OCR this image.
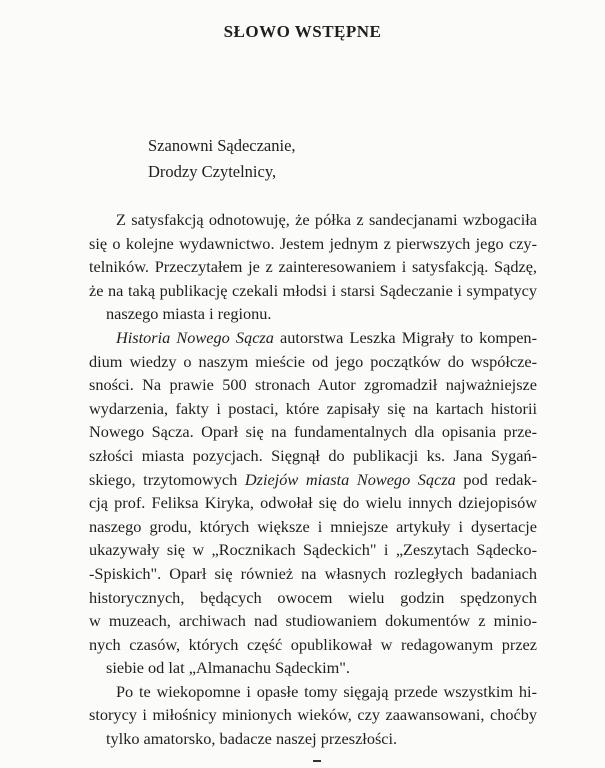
SŁOWO WSTĘPNE
Szanowni Sądeczanie,
Drodzy Czytelnicy,

Z satysfakcją odnotowuję, że półka z sandecjanami wzbogaciła
się o kolejne wydawnictwo. Jestem jednym z pierwszych jego czy-
telników. Przeczytałem je z zainteresowaniem i satysfakcją. Sądzę,
że na taką publikację czekali młodsi i starsi Sądeczanie i sympatycy
naszego miasta i regionu.

Historia Nowego Sącza autorstwa Leszka Migrały to kompen-
dium wiedzy o naszym mieście od jego początków do współcze-
sności. Na prawie 500 stronach Autor zgromadził najważniejsze
wydarzenia, fakty i postaci, które zapisały się na kartach historii
Nowego Sącza. Oparł się na fundamentalnych dla opisania prze-
szłości miasta pozycjach. Sięgnął do publikacji ks. Jana Sygań-
skiego, trzytomowych Dziejów miasta Nowego Sącza pod redak-
cją prof. Feliksa Kiryka, odwołał się do wielu innych dziejopisów
naszego grodu, których większe i mniejsze artykuły i dysertacje
ukazywały się w „Rocznikach Sądeckich" i „Zeszytach Sądecko-
-Spiskich". Oparł się również na własnych rozległych badaniach
historycznych, będących owocem wielu godzin spędzonych
w muzeach, archiwach nad studiowaniem dokumentów z minio-
nych czasów, których część opublikował w redagowanym przez
siebie od lat „Almanachu Sądeckim".

Po te wiekopomne i opasłe tomy sięgają przede wszystkim hi-
storycy i miłośnicy minionych wieków, czy zaawansowani, choćby
tylko amatorsko, badacze naszej przeszłości.
